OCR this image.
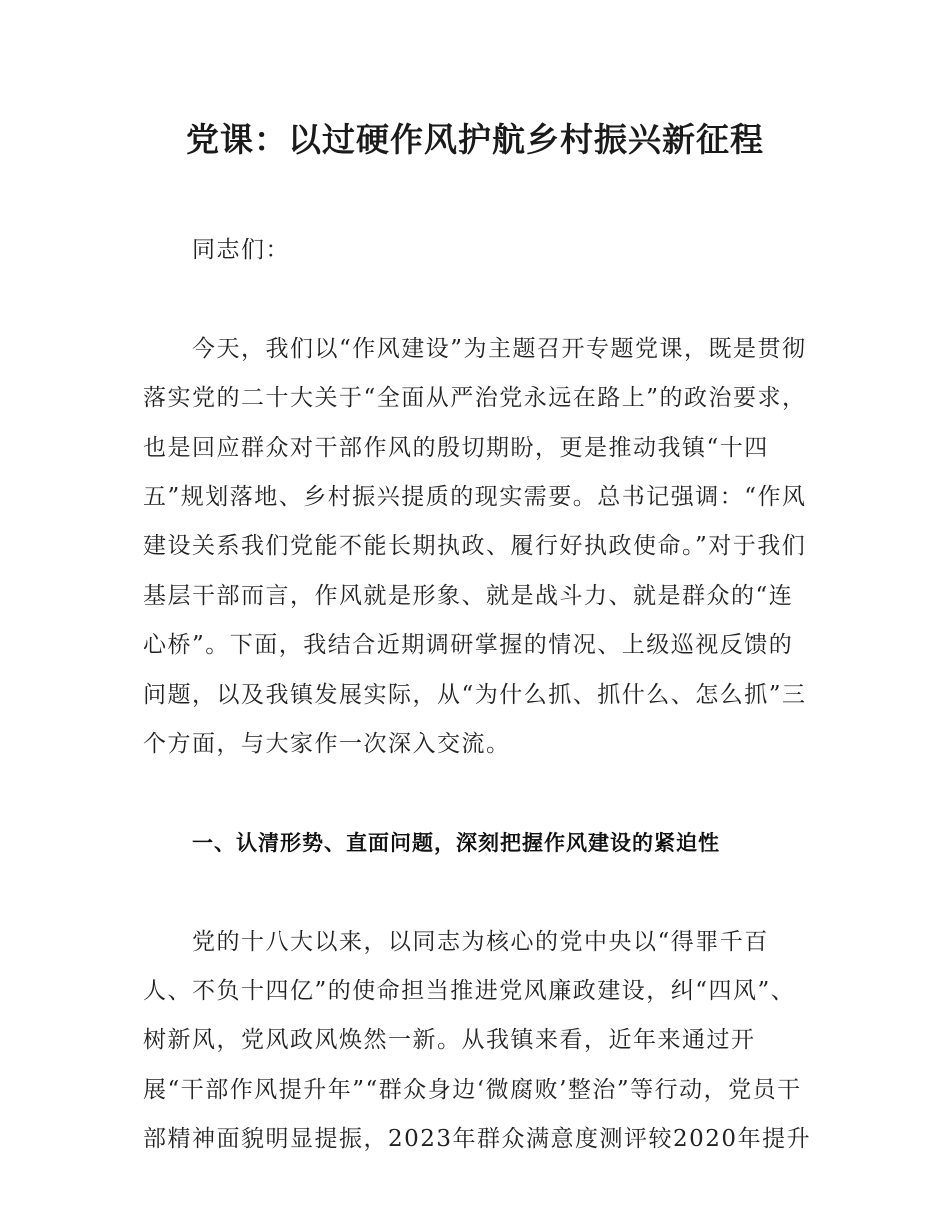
党课：以过硬作风护航乡村振兴新征程

同志们：

今天，我们以“作风建设”为主题召开专题党课，既是贯彻落实党的二十大关于“全面从严治党永远在路上”的政治要求，也是回应群众对干部作风的殷切期盼，更是推动我镇“十四五”规划落地、乡村振兴提质的现实需要。总书记强调：“作风建设关系我们党能不能长期执政、履行好执政使命。”对于我们基层干部而言，作风就是形象、就是战斗力、就是群众的“连心桥”。下面，我结合近期调研掌握的情况、上级巡视反馈的问题，以及我镇发展实际，从“为什么抓、抓什么、怎么抓”三个方面，与大家作一次深入交流。

一、认清形势、直面问题，深刻把握作风建设的紧迫性

党的十八大以来，以同志为核心的党中央以“得罪千百人、不负十四亿”的使命担当推进党风廉政建设，纠“四风”、树新风，党风政风焕然一新。从我镇来看，近年来通过开展“干部作风提升年”“群众身边‘微腐败’整治”等行动，党员干部精神面貌明显提振，2023年群众满意度测评较2020年提升
